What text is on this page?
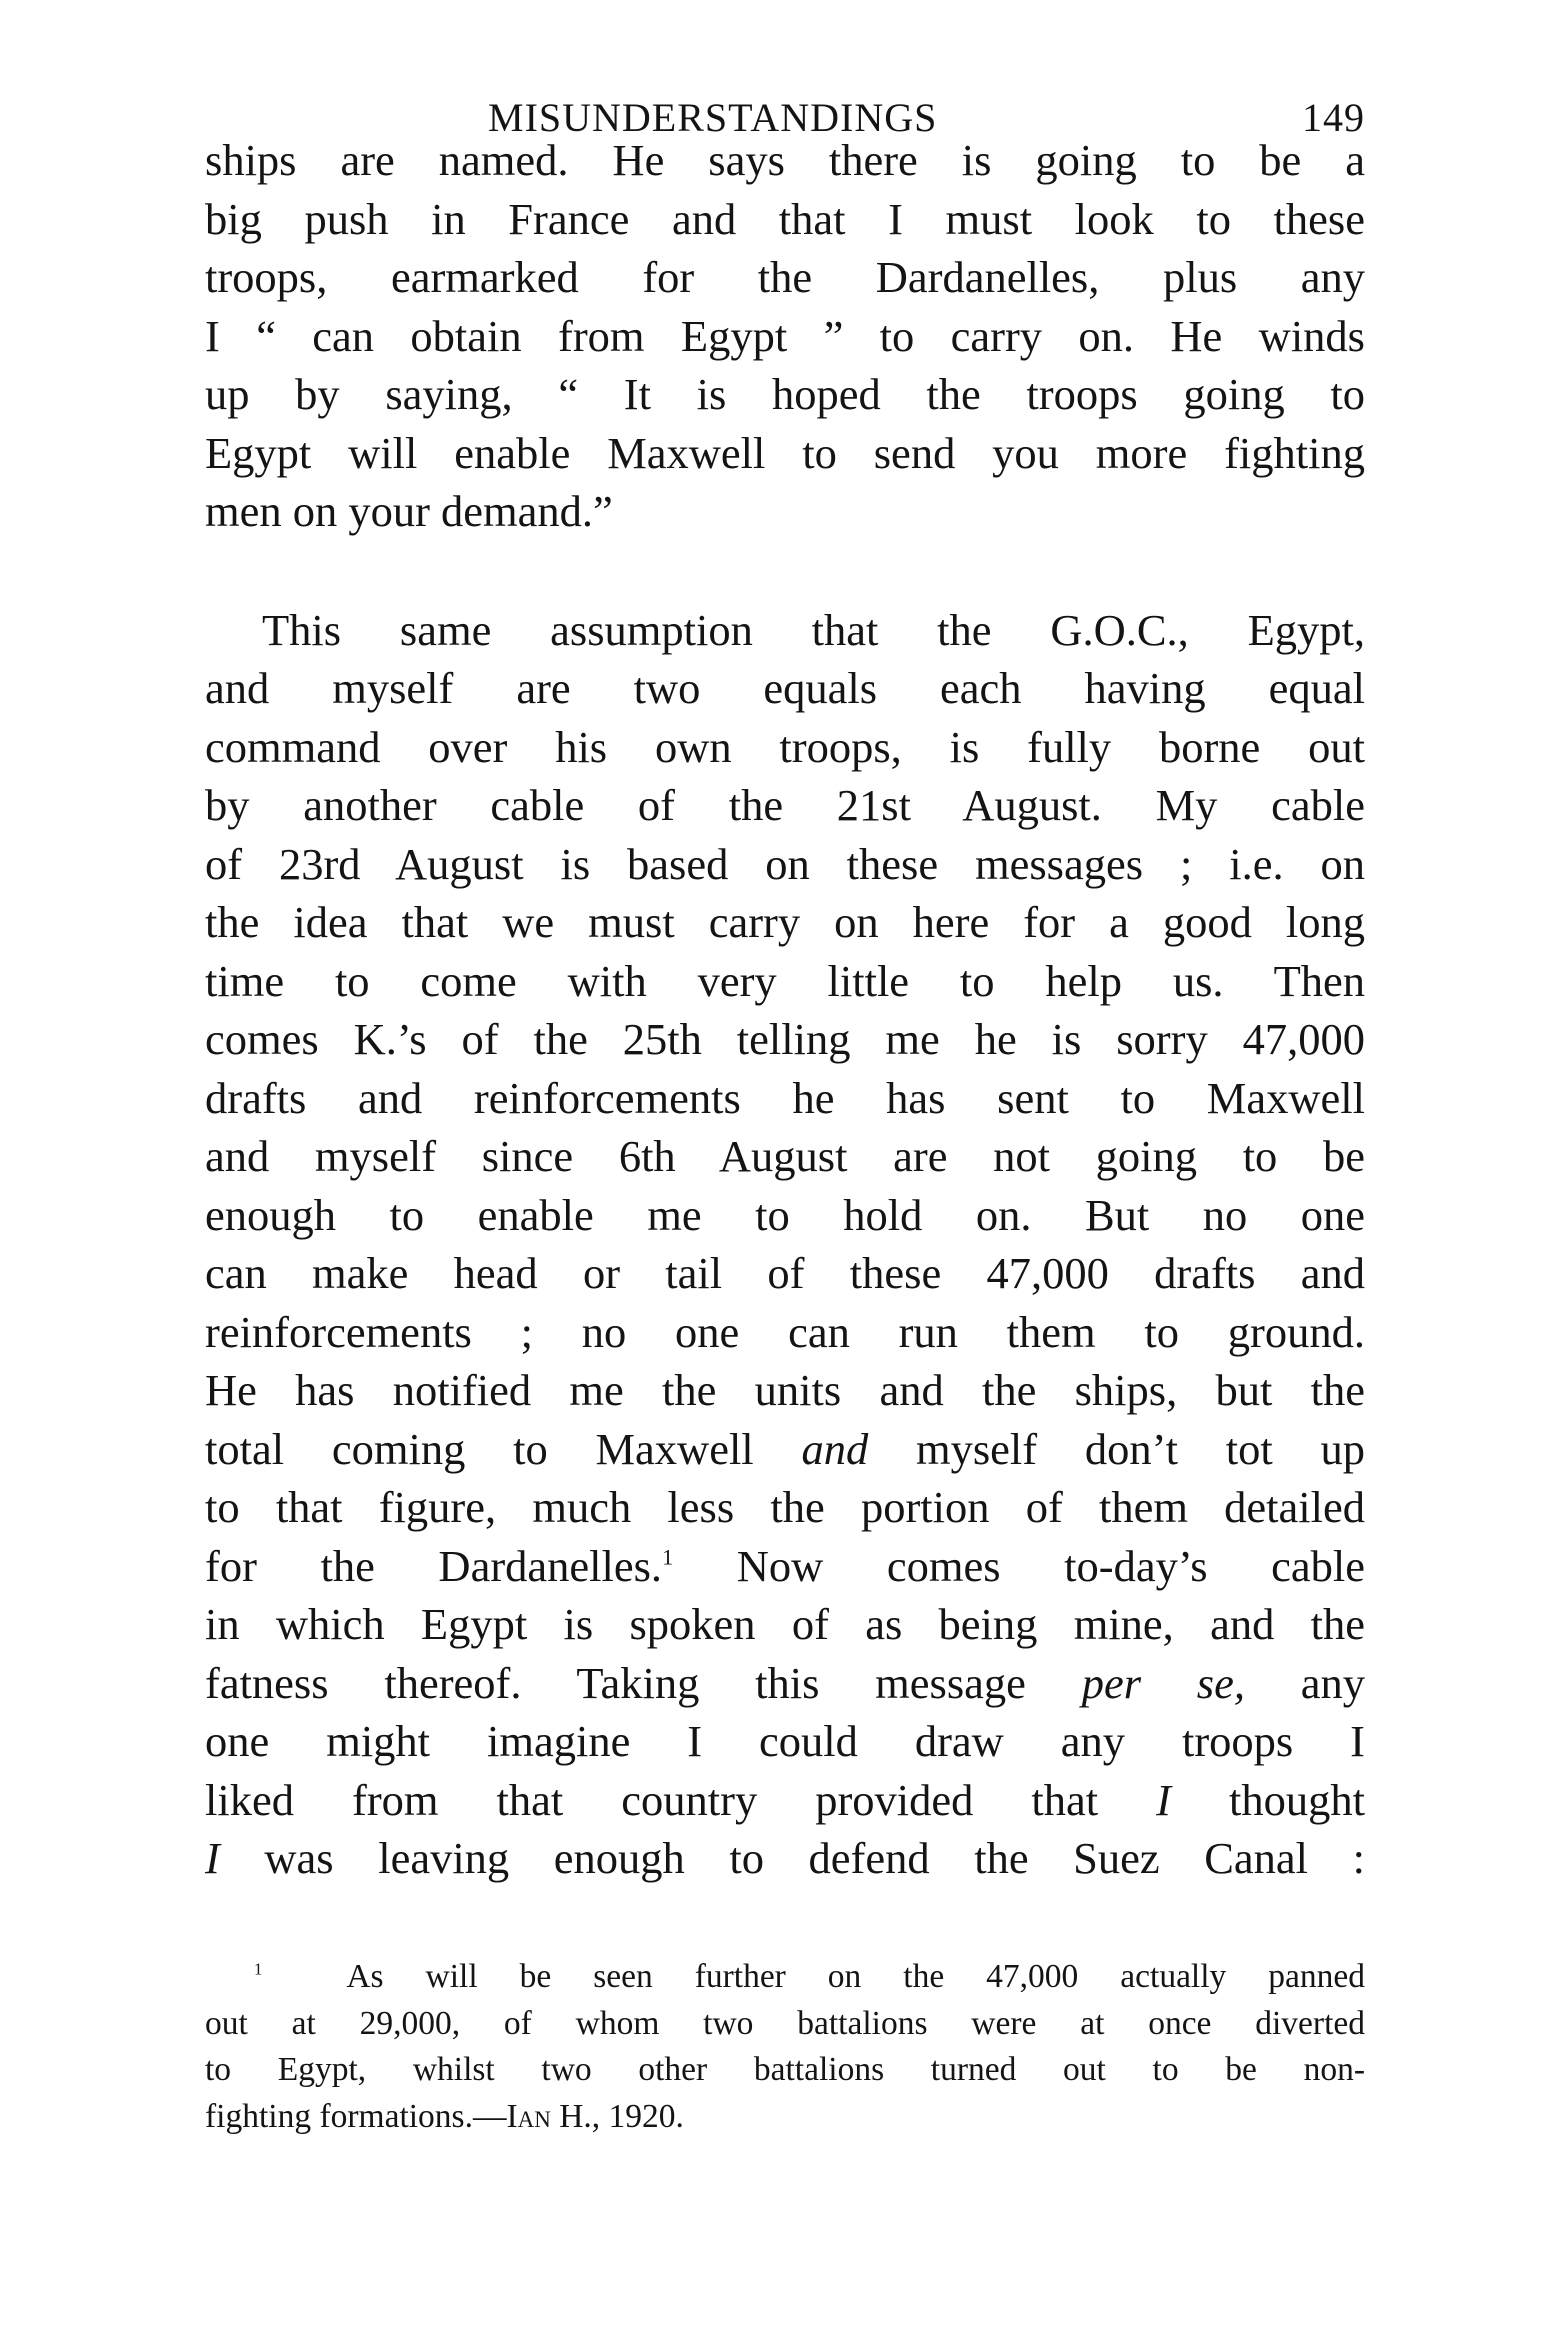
MISUNDERSTANDINGS	149
ships are named. He says there is going to be a
big push in France and that I must look to these
troops, earmarked for the Dardanelles, plus any
I “ can obtain from Egypt ” to carry on. He winds
up by saying, “ It is hoped the troops going to
Egypt will enable Maxwell to send you more fighting
men on your demand.”
This same assumption that the G.O.C., Egypt,
and myself are two equals each having equal
command over his own troops, is fully borne out
by another cable of the 21st August. My cable
of 23rd August is based on these messages ; i.e. on
the idea that we must carry on here for a good long
time to come with very little to help us. Then
comes K.’s of the 25th telling me he is sorry 47,000
drafts and reinforcements he has sent to Maxwell
and myself since 6th August are not going to be
enough to enable me to hold on. But no one
can make head or tail of these 47,000 drafts and
reinforcements ; no one can run them to ground.
He has notified me the units and the ships, but the
total coming to Maxwell and myself don’t tot up
to that figure, much less the portion of them detailed
for the Dardanelles.$^1$ Now comes to-day’s cable
in which Egypt is spoken of as being mine, and the
fatness thereof. Taking this message per se, any
one might imagine I could draw any troops I
liked from that country provided that I thought
I was leaving enough to defend the Suez Canal :
$^1$	As will be seen further on the 47,000 actually panned
out at 29,000, of whom two battalions were at once diverted
to Egypt, whilst two other battalions turned out to be non-
fighting formations.—Ian H., 1920.
